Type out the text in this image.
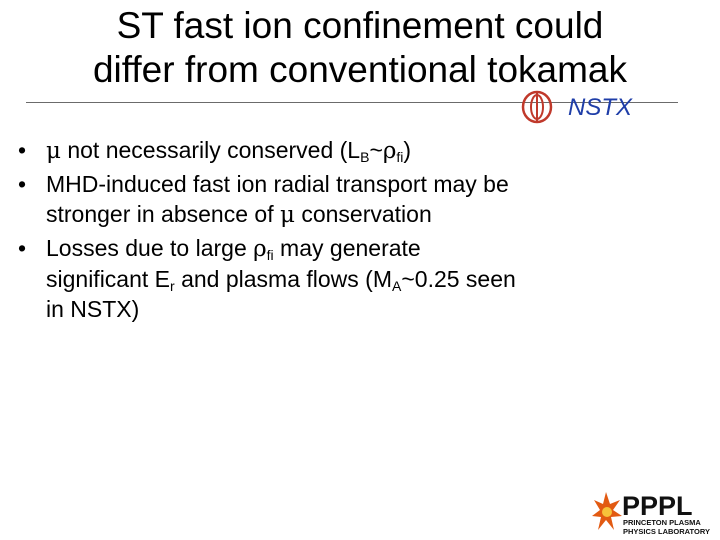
ST fast ion confinement could
differ from conventional tokamak
NSTX
• μ not necessarily conserved $(L_B\sim\rho_{fi})$
• MHD-induced fast ion radial transport may be
stronger in absence of μ conservation
• Losses due to large $\rho_{fi}$ may generate
significant $E_r$ and plasma flows ($M_A\sim 0.25$ seen
in NSTX)
PPPL
PRINCETON PLASMA
PHYSICS LABORATORY
